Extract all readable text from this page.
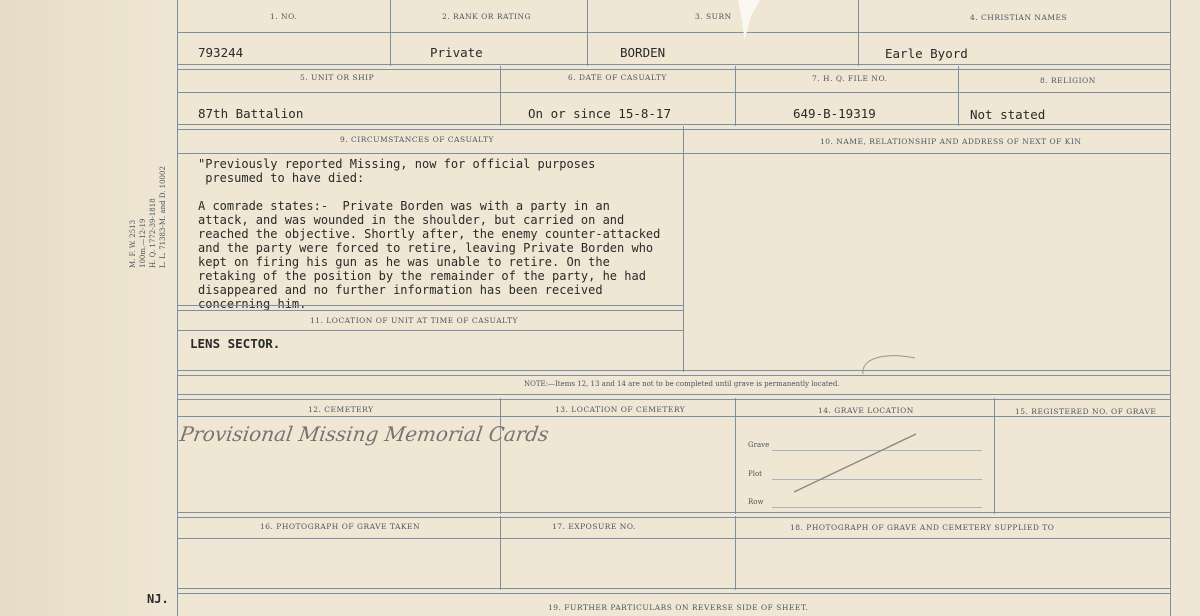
1. NO.	2. RANK OR RATING	3. SURN	4. CHRISTIAN NAMES
793244	Private	BORDEN	Earle Byord
5. UNIT OR SHIP	6. DATE OF CASUALTY	7. H. Q. FILE NO.	8. RELIGION
87th Battalion	On or since 15-8-17	649-B-19319	Not stated
9. CIRCUMSTANCES OF CASUALTY	10. NAME, RELATIONSHIP AND ADDRESS OF NEXT OF KIN
"Previously reported Missing, now for official purposes
presumed to have died:

A comrade states:-  Private Borden was with a party in an
attack, and was wounded in the shoulder, but carried on and
reached the objective. Shortly after, the enemy counter-attacked
and the party were forced to retire, leaving Private Borden who
kept on firing his gun as he was unable to retire. On the
retaking of the position by the remainder of the party, he had
disappeared and no further information has been received
concerning him.
11. LOCATION OF UNIT AT TIME OF CASUALTY
LENS SECTOR.
NOTE:—Items 12, 13 and 14 are not to be completed until grave is permanently located.
12. CEMETERY	13. LOCATION OF CEMETERY	14. GRAVE LOCATION	15. REGISTERED NO. OF GRAVE
Provisional Missing Memorial Cards	Grave
Plot
Row
16. PHOTOGRAPH OF GRAVE TAKEN	17. EXPOSURE NO.	18. PHOTOGRAPH OF GRAVE AND CEMETERY SUPPLIED TO
19. FURTHER PARTICULARS ON REVERSE SIDE OF SHEET.
M. F. W. 2513
100m.—12-19
H. Q. 1772-39-1818
L. L. 71383-M. and D. 10002
NJ.
